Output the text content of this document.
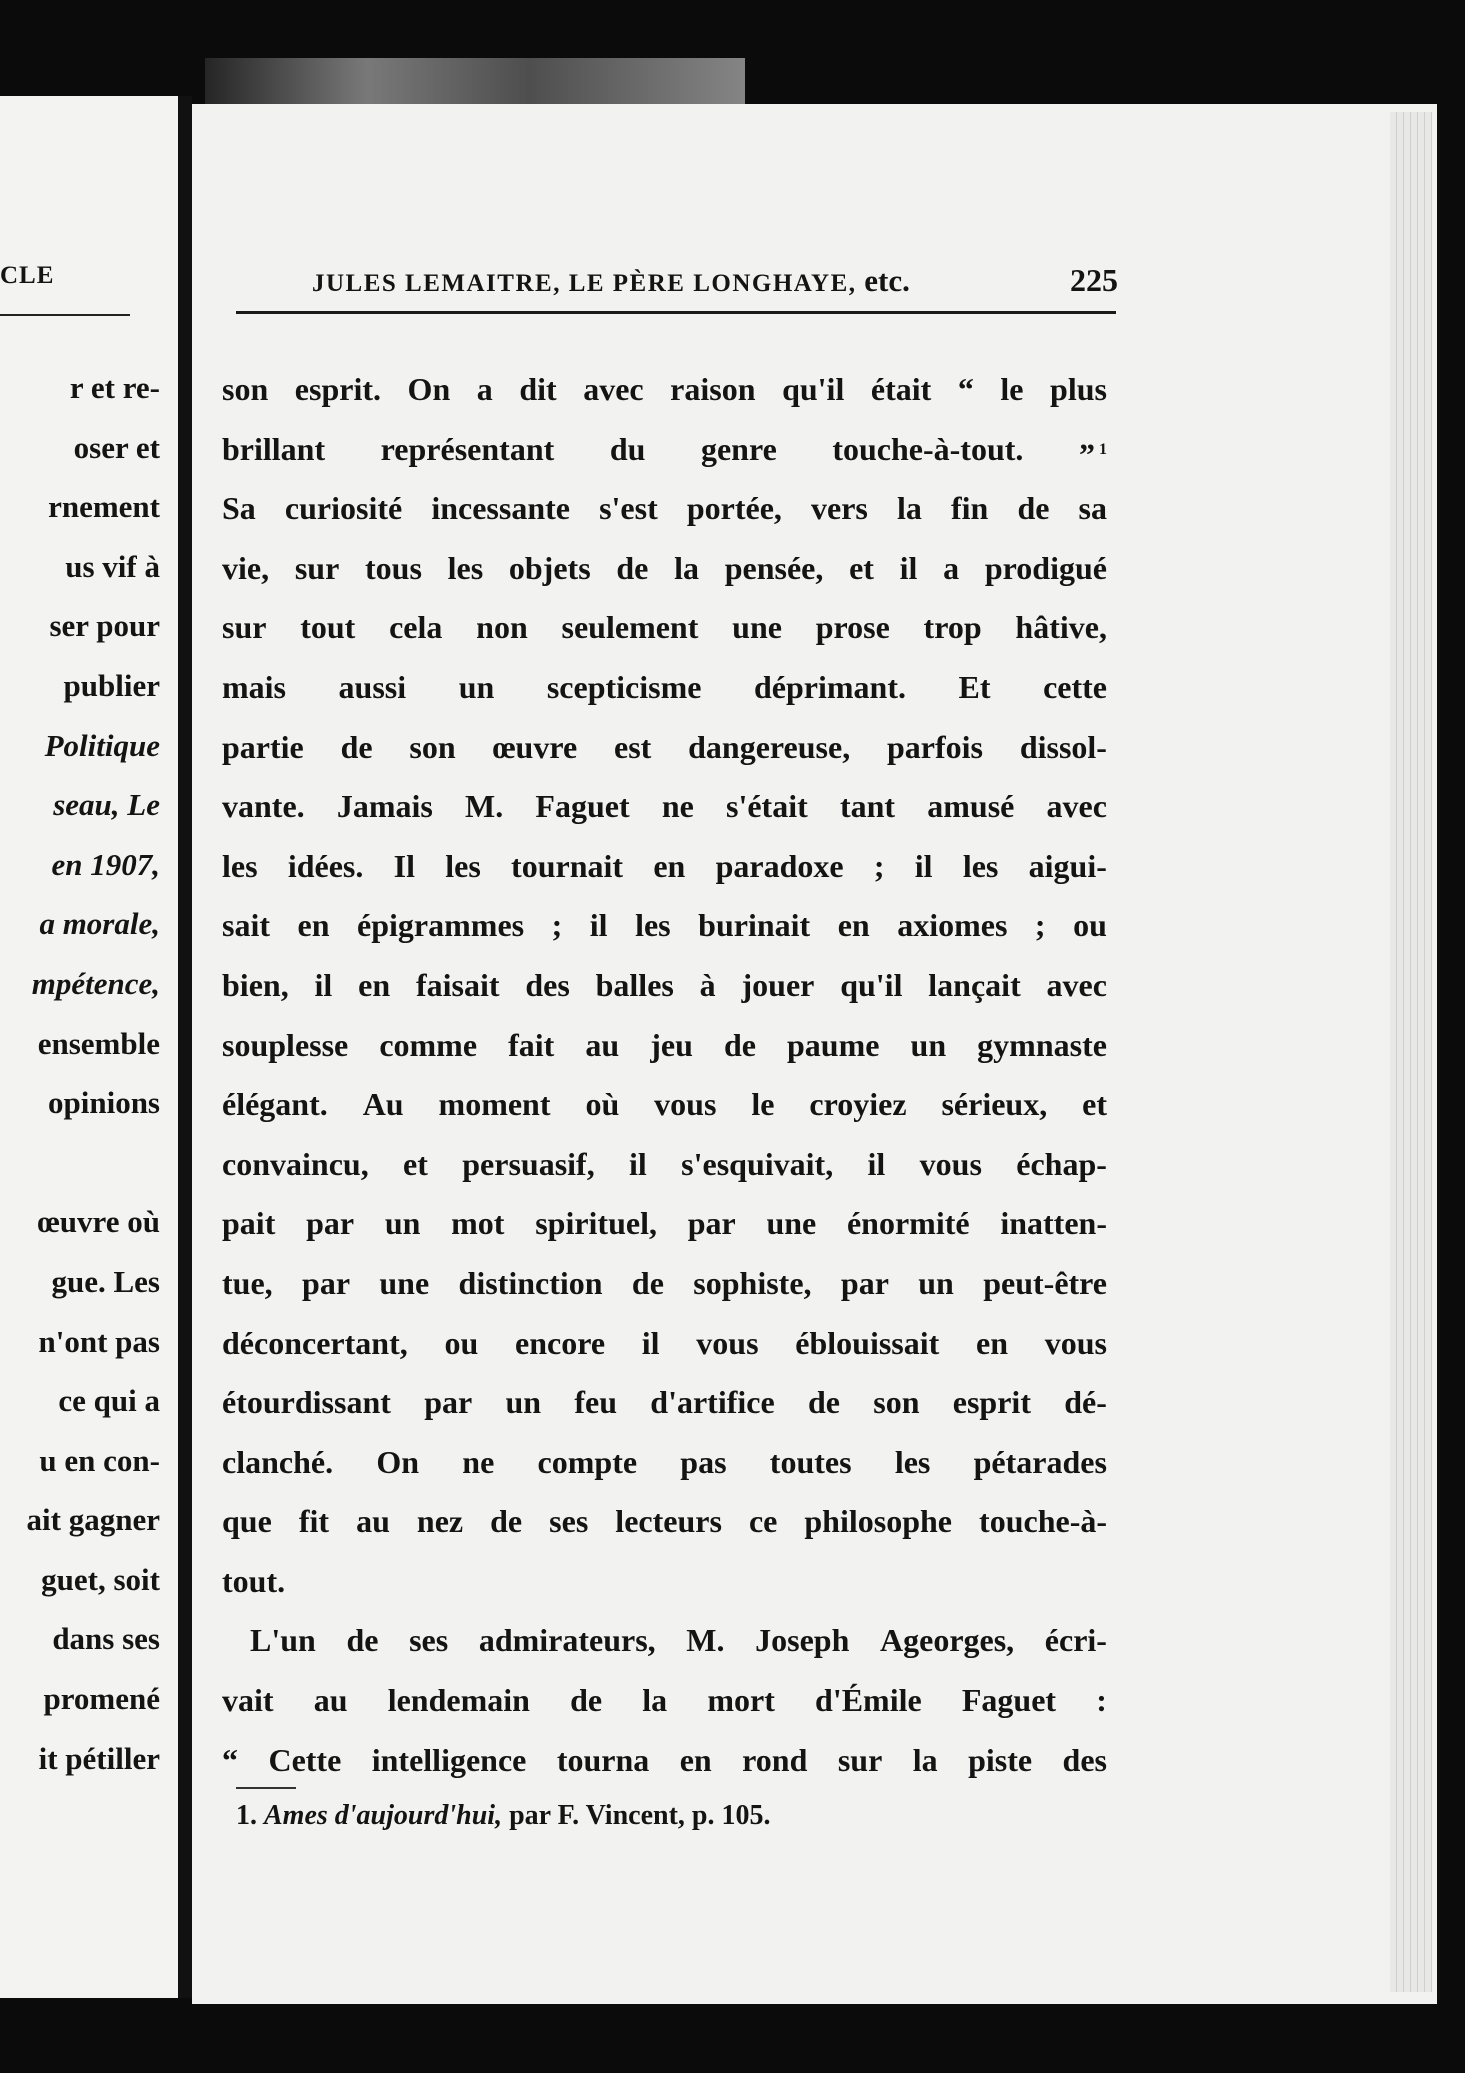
CLE
r et re-
oser et
rnement
us vif à
ser pour
publier
Politique
seau, Le
en 1907,
a morale,
mpétence,
ensemble
opinions
œuvre où
gue. Les
n'ont pas
ce qui a
u en con-
ait gagner
guet, soit
dans ses
promené
it pétiller
JULES LEMAITRE, LE PÈRE LONGHAYE, etc.	225
son esprit. On a dit avec raison qu'il était “ le plus
brillant représentant du genre touche-à-tout. ” $^1$
Sa curiosité incessante s'est portée, vers la fin de sa
vie, sur tous les objets de la pensée, et il a prodigué
sur tout cela non seulement une prose trop hâtive,
mais aussi un scepticisme déprimant. Et cette
partie de son œuvre est dangereuse, parfois dissol-
vante. Jamais M. Faguet ne s'était tant amusé avec
les idées. Il les tournait en paradoxe ; il les aigui-
sait en épigrammes ; il les burinait en axiomes ; ou
bien, il en faisait des balles à jouer qu'il lançait avec
souplesse comme fait au jeu de paume un gymnaste
élégant. Au moment où vous le croyiez sérieux, et
convaincu, et persuasif, il s'esquivait, il vous échap-
pait par un mot spirituel, par une énormité inatten-
tue, par une distinction de sophiste, par un peut-être
déconcertant, ou encore il vous éblouissait en vous
étourdissant par un feu d'artifice de son esprit dé-
clanché. On ne compte pas toutes les pétarades
que fit au nez de ses lecteurs ce philosophe touche-à-
tout.
L'un de ses admirateurs, M. Joseph Ageorges, écri-
vait au lendemain de la mort d'Émile Faguet :
“ Cette intelligence tourna en rond sur la piste des
1. Ames d'aujourd'hui, par F. Vincent, p. 105.
